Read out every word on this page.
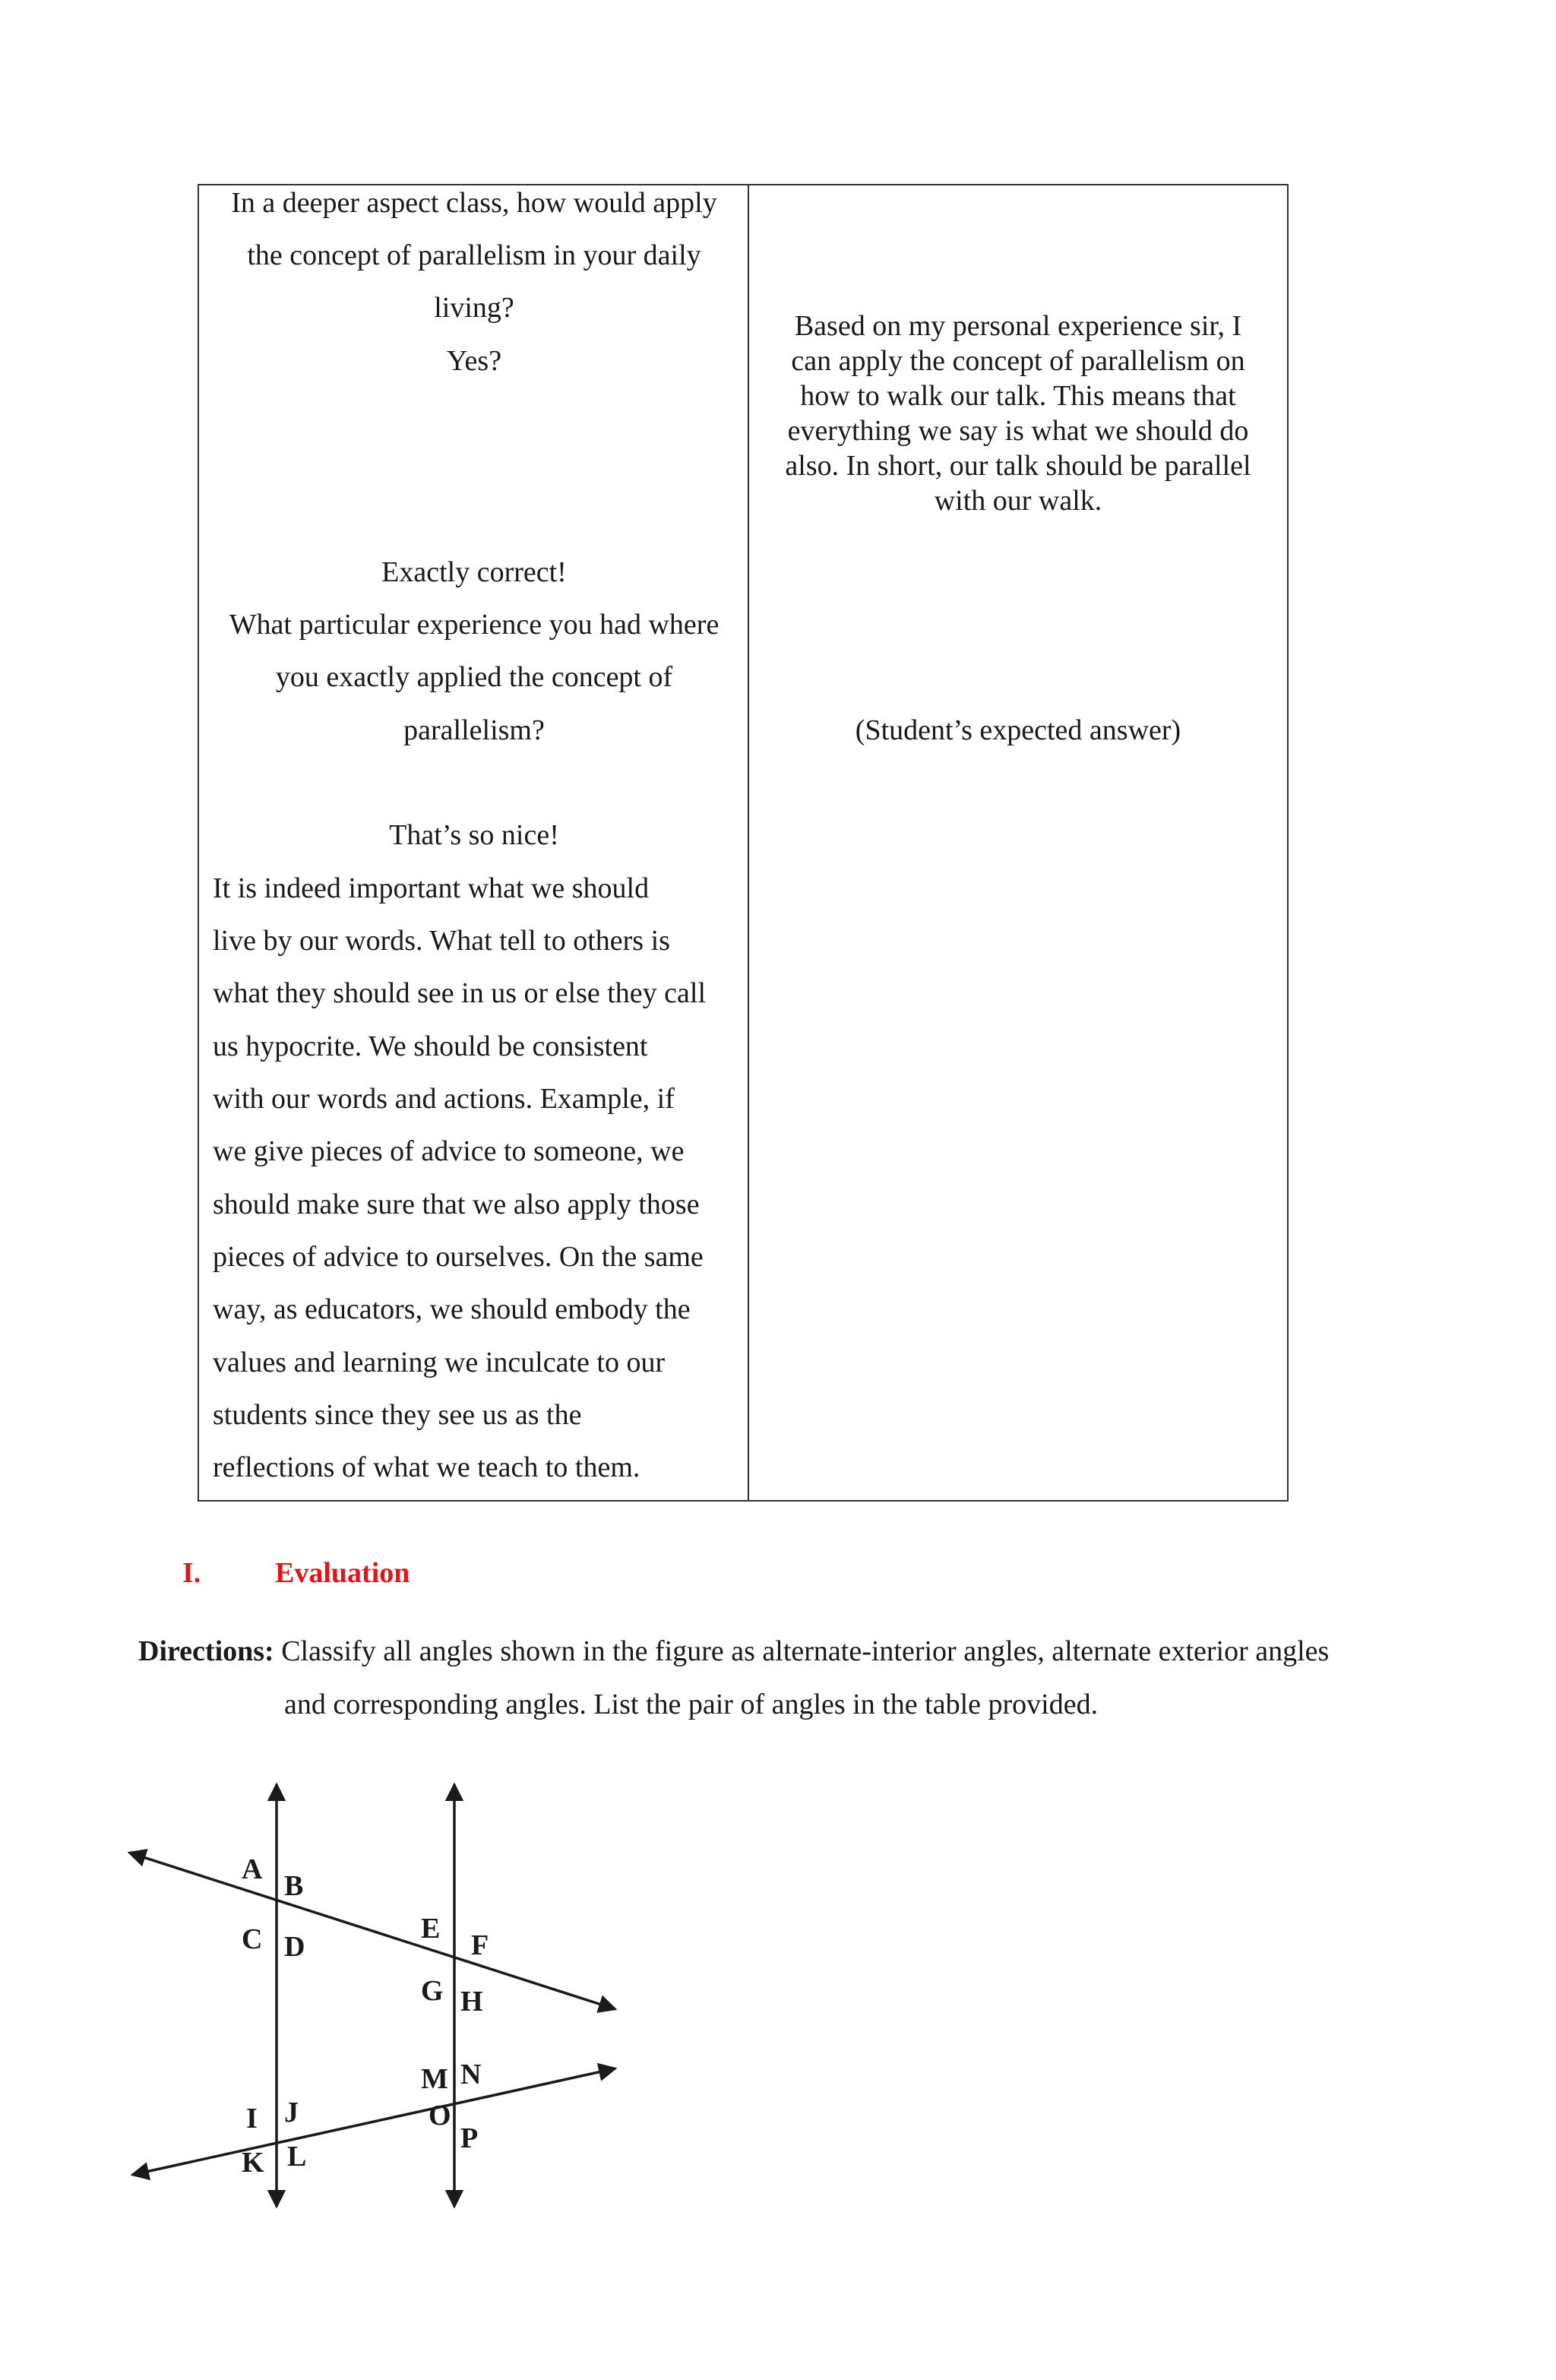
In a deeper aspect class, how would apply
the concept of parallelism in your daily
living?
Yes?
Exactly correct!
What particular experience you had where
you exactly applied the concept of
parallelism?
That’s so nice!
It is indeed important what we should
live by our words. What tell to others is
what they should see in us or else they call
us hypocrite. We should be consistent
with our words and actions. Example, if
we give pieces of advice to someone, we
should make sure that we also apply those
pieces of advice to ourselves. On the same
way, as educators, we should embody the
values and learning we inculcate to our
students since they see us as the
reflections of what we teach to them.
Based on my personal experience sir, I
can apply the concept of parallelism on
how to walk our talk. This means that
everything we say is what we should do
also. In short, our talk should be parallel
with our walk.
(Student’s expected answer)
I.	Evaluation
Directions: Classify all angles shown in the figure as alternate-interior angles, alternate exterior angles
and corresponding angles. List the pair of angles in the table provided.
A
B
C D
E
F
G H
M N
I J	O
P
K L
